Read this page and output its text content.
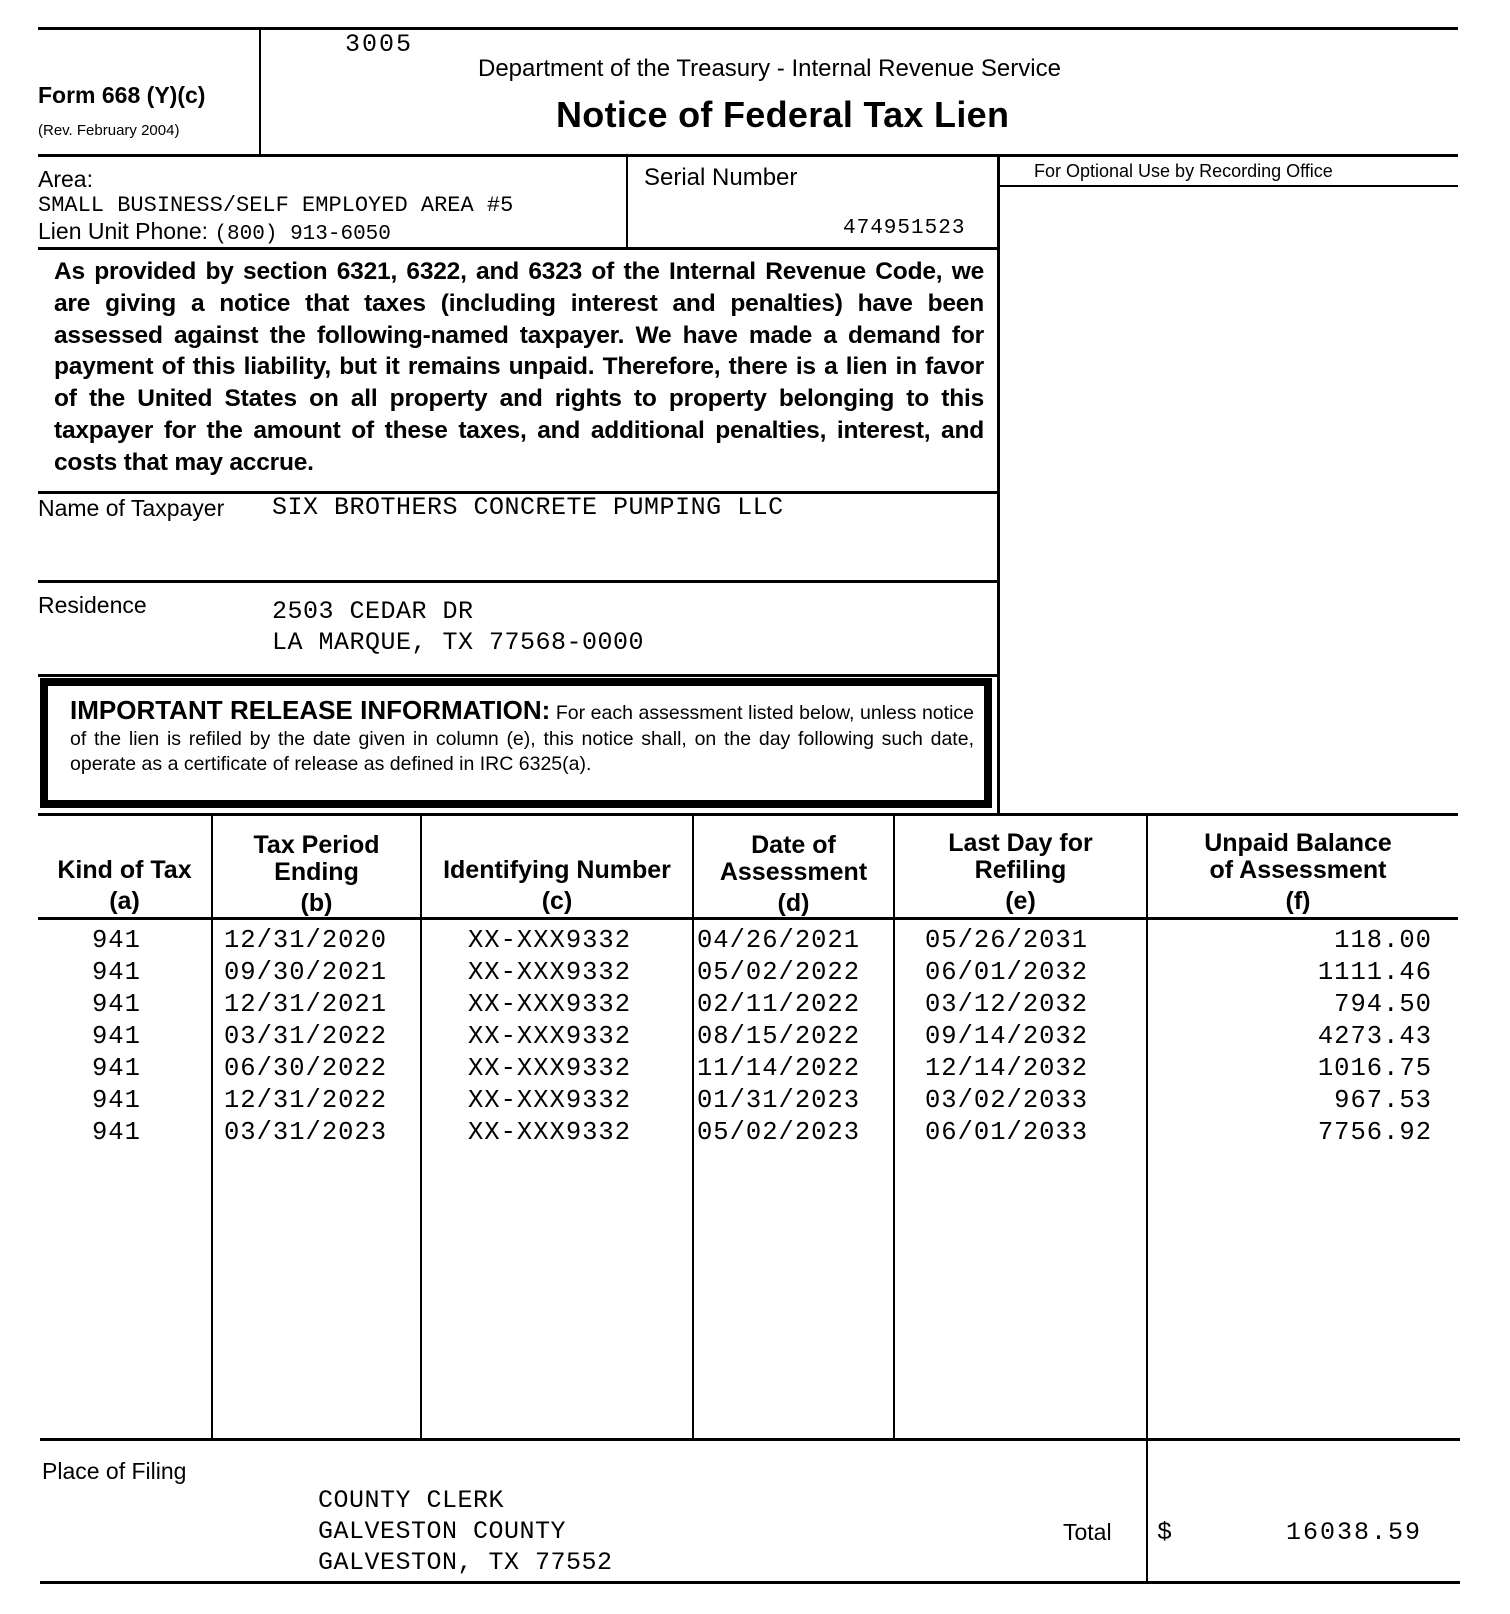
Form 668 (Y)(c)
(Rev. February 2004)
3005
Department of the Treasury - Internal Revenue Service
Notice of Federal Tax Lien
Area:
SMALL BUSINESS/SELF EMPLOYED AREA #5
Lien Unit Phone: (800) 913-6050
Serial Number
474951523
For Optional Use by Recording Office
As provided by section 6321, 6322, and 6323 of the Internal Revenue Code, we are giving a notice that taxes (including interest and penalties) have been assessed against the following-named taxpayer. We have made a demand for payment of this liability, but it remains unpaid. Therefore, there is a lien in favor of the United States on all property and rights to property belonging to this taxpayer for the amount of these taxes, and additional penalties, interest, and costs that may accrue.
Name of Taxpayer SIX BROTHERS CONCRETE PUMPING LLC
Residence	2503 CEDAR DR
LA MARQUE, TX 77568-0000
IMPORTANT RELEASE INFORMATION: For each assessment listed below, unless notice of the lien is refiled by the date given in column (e), this notice shall, on the day following such date, operate as a certificate of release as defined in IRC 6325(a).
Kind of Tax
(a)
Tax Period
Ending
(b)
Identifying Number
(c)
Date of
Assessment
(d)
Last Day for
Refiling
(e)
Unpaid Balance
of Assessment
(f)
941	12/31/2020	XX-XXX9332	04/26/2021	05/26/2031	118.00
941	09/30/2021	XX-XXX9332	05/02/2022	06/01/2032	1111.46
941	12/31/2021	XX-XXX9332	02/11/2022	03/12/2032	794.50
941	03/31/2022	XX-XXX9332	08/15/2022	09/14/2032	4273.43
941	06/30/2022	XX-XXX9332	11/14/2022	12/14/2032	1016.75
941	12/31/2022	XX-XXX9332	01/31/2023	03/02/2033	967.53
941	03/31/2023	XX-XXX9332	05/02/2023	06/01/2033	7756.92
Place of Filing
COUNTY CLERK
GALVESTON COUNTY
GALVESTON, TX 77552
Total $	16038.59
